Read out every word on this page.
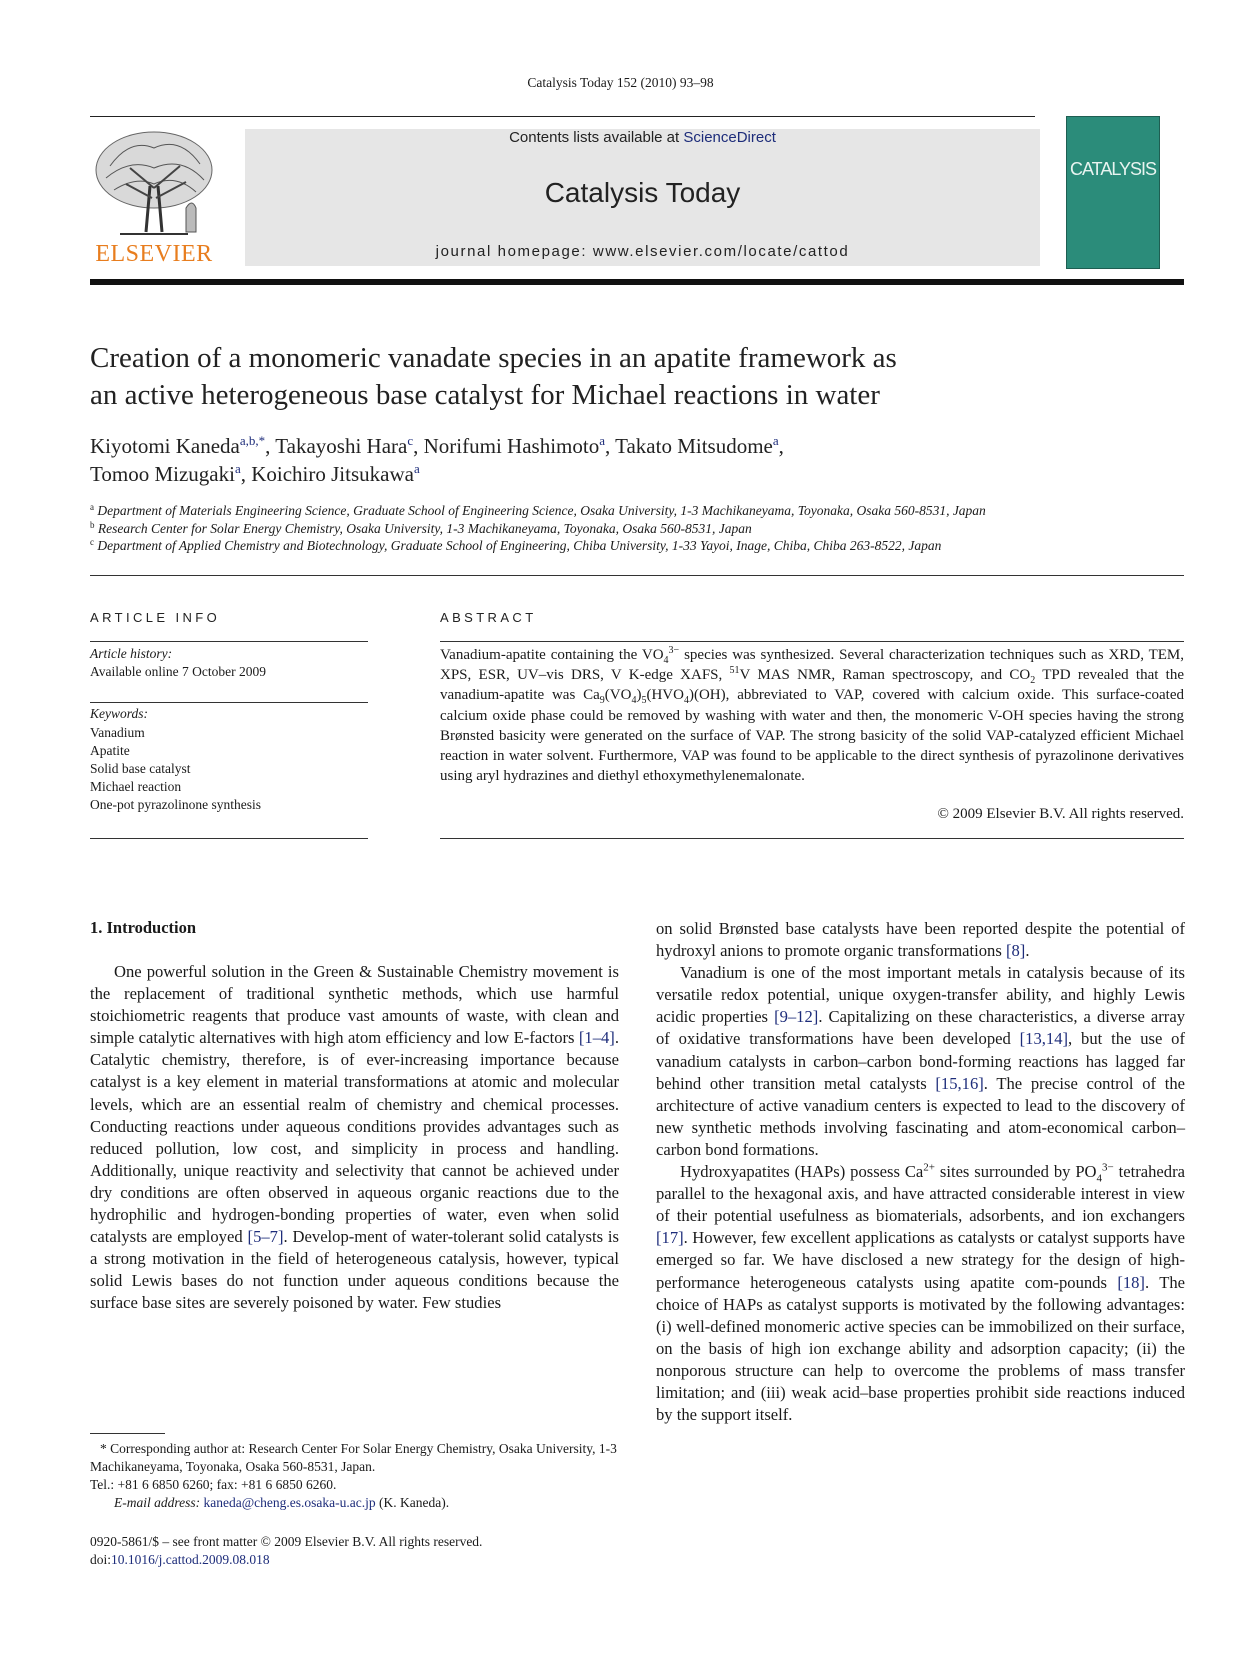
Catalysis Today 152 (2010) 93–98
ELSEVIER
Contents lists available at ScienceDirect
Catalysis Today
journal homepage: www.elsevier.com/locate/cattod
CATALYSIS
Creation of a monomeric vanadate species in an apatite framework as
an active heterogeneous base catalyst for Michael reactions in water
Kiyotomi Kaneda$^{a,b,*}$, Takayoshi Hara$^c$, Norifumi Hashimoto$^a$, Takato Mitsudome$^a$,
Tomoo Mizugaki$^a$, Koichiro Jitsukawa$^a$
$^a$ Department of Materials Engineering Science, Graduate School of Engineering Science, Osaka University, 1-3 Machikaneyama, Toyonaka, Osaka 560-8531, Japan
$^b$ Research Center for Solar Energy Chemistry, Osaka University, 1-3 Machikaneyama, Toyonaka, Osaka 560-8531, Japan
$^c$ Department of Applied Chemistry and Biotechnology, Graduate School of Engineering, Chiba University, 1-33 Yayoi, Inage, Chiba, Chiba 263-8522, Japan
ARTICLE INFO
Article history:
Available online 7 October 2009
Keywords:
Vanadium
Apatite
Solid base catalyst
Michael reaction
One-pot pyrazolinone synthesis
ABSTRACT
Vanadium-apatite containing the $VO_4^{3-}$ species was synthesized. Several characterization techniques such as XRD, TEM, XPS, ESR, UV–vis DRS, V K-edge XAFS, $^{51}$V MAS NMR, Raman spectroscopy, and $CO_2$ TPD revealed that the vanadium-apatite was $Ca_9(VO_4)_5(HVO_4)(OH)$, abbreviated to VAP, covered with calcium oxide. This surface-coated calcium oxide phase could be removed by washing with water and then, the monomeric V-OH species having the strong Brønsted basicity were generated on the surface of VAP. The strong basicity of the solid VAP-catalyzed efficient Michael reaction in water solvent. Furthermore, VAP was found to be applicable to the direct synthesis of pyrazolinone derivatives using aryl hydrazines and diethyl ethoxymethylenemalonate.
© 2009 Elsevier B.V. All rights reserved.
1. Introduction

One powerful solution in the Green & Sustainable Chemistry movement is the replacement of traditional synthetic methods, which use harmful stoichiometric reagents that produce vast amounts of waste, with clean and simple catalytic alternatives with high atom efficiency and low E-factors [1–4]. Catalytic chemistry, therefore, is of ever-increasing importance because catalyst is a key element in material transformations at atomic and molecular levels, which are an essential realm of chemistry and chemical processes. Conducting reactions under aqueous conditions provides advantages such as reduced pollution, low cost, and simplicity in process and handling. Additionally, unique reactivity and selectivity that cannot be achieved under dry conditions are often observed in aqueous organic reactions due to the hydrophilic and hydrogen-bonding properties of water, even when solid catalysts are employed [5–7]. Develop-ment of water-tolerant solid catalysts is a strong motivation in the field of heterogeneous catalysis, however, typical solid Lewis bases do not function under aqueous conditions because the surface base sites are severely poisoned by water. Few studies

on solid Brønsted base catalysts have been reported despite the potential of hydroxyl anions to promote organic transformations [8].

Vanadium is one of the most important metals in catalysis because of its versatile redox potential, unique oxygen-transfer ability, and highly Lewis acidic properties [9–12]. Capitalizing on these characteristics, a diverse array of oxidative transformations have been developed [13,14], but the use of vanadium catalysts in carbon–carbon bond-forming reactions has lagged far behind other transition metal catalysts [15,16]. The precise control of the architecture of active vanadium centers is expected to lead to the discovery of new synthetic methods involving fascinating and atom-economical carbon–carbon bond formations.

Hydroxyapatites (HAPs) possess $Ca^{2+}$ sites surrounded by $PO_4^{3-}$ tetrahedra parallel to the hexagonal axis, and have attracted considerable interest in view of their potential usefulness as biomaterials, adsorbents, and ion exchangers [17]. However, few excellent applications as catalysts or catalyst supports have emerged so far. We have disclosed a new strategy for the design of high-performance heterogeneous catalysts using apatite com-pounds [18]. The choice of HAPs as catalyst supports is motivated by the following advantages: (i) well-defined monomeric active species can be immobilized on their surface, on the basis of high ion exchange ability and adsorption capacity; (ii) the nonporous structure can help to overcome the problems of mass transfer limitation; and (iii) weak acid–base properties prohibit side reactions induced by the support itself.

* Corresponding author at: Research Center For Solar Energy Chemistry, Osaka University, 1-3 Machikaneyama, Toyonaka, Osaka 560-8531, Japan.

Tel.: +81 6 6850 6260; fax: +81 6 6850 6260.

E-mail address: kaneda@cheng.es.osaka-u.ac.jp (K. Kaneda).

0920-5861/$ – see front matter © 2009 Elsevier B.V. All rights reserved.
doi:10.1016/j.cattod.2009.08.018
